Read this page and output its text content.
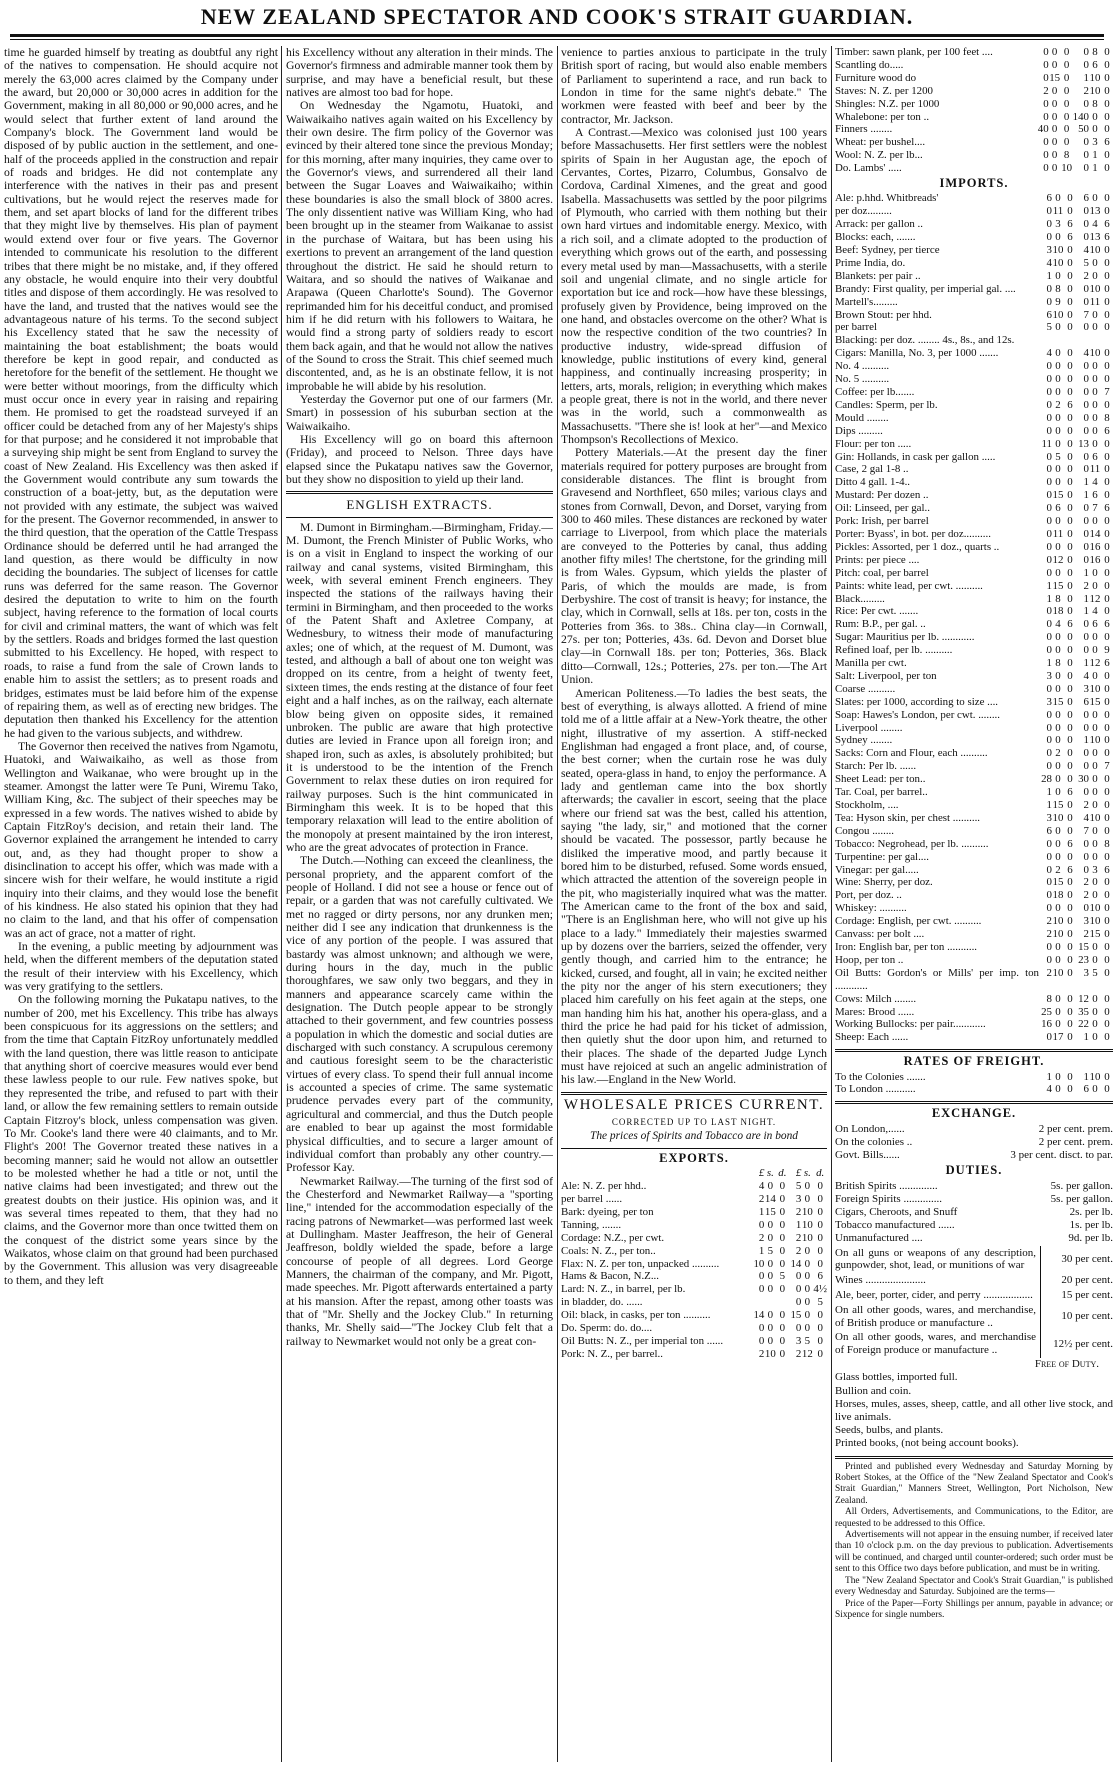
NEW ZEALAND SPECTATOR AND COOK'S STRAIT GUARDIAN.

time he guarded himself by treating as doubtful any right of the natives to compensation. He should acquire not merely the 63,000 acres claimed by the Company under the award, but 20,000 or 30,000 acres in addition for the Government, making in all 80,000 or 90,000 acres, and he would select that further extent of land around the Company's block. The Government land would be disposed of by public auction in the settlement, and one-half of the proceeds applied in the construction and repair of roads and bridges. He did not contemplate any interference with the natives in their pas and present cultivations, but he would reject the reserves made for them, and set apart blocks of land for the different tribes that they might live by themselves. His plan of payment would extend over four or five years. The Governor intended to communicate his resolution to the different tribes that there might be no mistake, and, if they offered any obstacle, he would enquire into their very doubtful titles and dispose of them accordingly. He was resolved to have the land, and trusted that the natives would see the advantageous nature of his terms. To the second subject his Excellency stated that he saw the necessity of maintaining the boat establishment; the boats would therefore be kept in good repair, and conducted as heretofore for the benefit of the settlement. He thought we were better without moorings, from the difficulty which must occur once in every year in raising and repairing them. He promised to get the roadstead surveyed if an officer could be detached from any of her Majesty's ships for that purpose; and he considered it not improbable that a surveying ship might be sent from England to survey the coast of New Zealand. His Excellency was then asked if the Government would contribute any sum towards the construction of a boat-jetty, but, as the deputation were not provided with any estimate, the subject was waived for the present. The Governor recommended, in answer to the third question, that the operation of the Cattle Trespass Ordinance should be deferred until he had arranged the land question, as there would be difficulty in now deciding the boundaries. The subject of licenses for cattle runs was deferred for the same reason. The Governor desired the deputation to write to him on the fourth subject, having reference to the formation of local courts for civil and criminal matters, the want of which was felt by the settlers. Roads and bridges formed the last question submitted to his Excellency. He hoped, with respect to roads, to raise a fund from the sale of Crown lands to enable him to assist the settlers; as to present roads and bridges, estimates must be laid before him of the expense of repairing them, as well as of erecting new bridges. The deputation then thanked his Excellency for the attention he had given to the various subjects, and withdrew.

The Governor then received the natives from Ngamotu, Huatoki, and Waiwaikaiho, as well as those from Wellington and Waikanae, who were brought up in the steamer. Amongst the latter were Te Puni, Wiremu Tako, William King, &c. The subject of their speeches may be expressed in a few words. The natives wished to abide by Captain FitzRoy's decision, and retain their land. The Governor explained the arrangement he intended to carry out, and, as they had thought proper to show a disinclination to accept his offer, which was made with a sincere wish for their welfare, he would institute a rigid inquiry into their claims, and they would lose the benefit of his kindness. He also stated his opinion that they had no claim to the land, and that his offer of compensation was an act of grace, not a matter of right.

In the evening, a public meeting by adjournment was held, when the different members of the deputation stated the result of their interview with his Excellency, which was very gratifying to the settlers.

On the following morning the Pukatapu natives, to the number of 200, met his Excellency. This tribe has always been conspicuous for its aggressions on the settlers; and from the time that Captain FitzRoy unfortunately meddled with the land question, there was little reason to anticipate that anything short of coercive measures would ever bend these lawless people to our rule. Few natives spoke, but they represented the tribe, and refused to part with their land, or allow the few remaining settlers to remain outside Captain Fitzroy's block, unless compensation was given. To Mr. Cooke's land there were 40 claimants, and to Mr. Flight's 200! The Governor treated these natives in a becoming manner; said he would not allow an outsettler to be molested whether he had a title or not, until the native claims had been investigated; and threw out the greatest doubts on their justice. His opinion was, and it was several times repeated to them, that they had no claims, and the Governor more than once twitted them on the conquest of the district some years since by the Waikatos, whose claim on that ground had been purchased by the Government. This allusion was very disagreeable to them, and they left

his Excellency without any alteration in their minds. The Governor's firmness and admirable manner took them by surprise, and may have a beneficial result, but these natives are almost too bad for hope.

On Wednesday the Ngamotu, Huatoki, and Waiwaikaiho natives again waited on his Excellency by their own desire. The firm policy of the Governor was evinced by their altered tone since the previous Monday; for this morning, after many inquiries, they came over to the Governor's views, and surrendered all their land between the Sugar Loaves and Waiwaikaiho; within these boundaries is also the small block of 3800 acres. The only dissentient native was William King, who had been brought up in the steamer from Waikanae to assist in the purchase of Waitara, but has been using his exertions to prevent an arrangement of the land question throughout the district. He said he should return to Waitara, and so should the natives of Waikanae and Arapawa (Queen Charlotte's Sound). The Governor reprimanded him for his deceitful conduct, and promised him if he did return with his followers to Waitara, he would find a strong party of soldiers ready to escort them back again, and that he would not allow the natives of the Sound to cross the Strait. This chief seemed much discontented, and, as he is an obstinate fellow, it is not improbable he will abide by his resolution.

Yesterday the Governor put one of our farmers (Mr. Smart) in possession of his suburban section at the Waiwaikaiho.

His Excellency will go on board this afternoon (Friday), and proceed to Nelson. Three days have elapsed since the Pukatapu natives saw the Governor, but they show no disposition to yield up their land.

ENGLISH EXTRACTS.

M. Dumont in Birmingham.—Birmingham, Friday.—M. Dumont, the French Minister of Public Works, who is on a visit in England to inspect the working of our railway and canal systems, visited Birmingham, this week, with several eminent French engineers. They inspected the stations of the railways having their termini in Birmingham, and then proceeded to the works of the Patent Shaft and Axletree Company, at Wednesbury, to witness their mode of manufacturing axles; one of which, at the request of M. Dumont, was tested, and although a ball of about one ton weight was dropped on its centre, from a height of twenty feet, sixteen times, the ends resting at the distance of four feet eight and a half inches, as on the railway, each alternate blow being given on opposite sides, it remained unbroken. The public are aware that high protective duties are levied in France upon all foreign iron; and shaped iron, such as axles, is absolutely prohibited; but it is understood to be the intention of the French Government to relax these duties on iron required for railway purposes. Such is the hint communicated in Birmingham this week. It is to be hoped that this temporary relaxation will lead to the entire abolition of the monopoly at present maintained by the iron interest, who are the great advocates of protection in France.

The Dutch.—Nothing can exceed the cleanliness, the personal propriety, and the apparent comfort of the people of Holland. I did not see a house or fence out of repair, or a garden that was not carefully cultivated. We met no ragged or dirty persons, nor any drunken men; neither did I see any indication that drunkenness is the vice of any portion of the people. I was assured that bastardy was almost unknown; and although we were, during hours in the day, much in the public thoroughfares, we saw only two beggars, and they in manners and appearance scarcely came within the designation. The Dutch people appear to be strongly attached to their government, and few countries possess a population in which the domestic and social duties are discharged with such constancy. A scrupulous ceremony and cautious foresight seem to be the characteristic virtues of every class. To spend their full annual income is accounted a species of crime. The same systematic prudence pervades every part of the community, agricultural and commercial, and thus the Dutch people are enabled to bear up against the most formidable physical difficulties, and to secure a larger amount of individual comfort than probably any other country.—Professor Kay.

Newmarket Railway.—The turning of the first sod of the Chesterford and Newmarket Railway—a "sporting line," intended for the accommodation especially of the racing patrons of Newmarket—was performed last week at Dullingham. Master Jeaffreson, the heir of General Jeaffreson, boldly wielded the spade, before a large concourse of people of all degrees. Lord George Manners, the chairman of the company, and Mr. Pigott, made speeches. Mr. Pigott afterwards entertained a party at his mansion. After the repast, among other toasts was that of "Mr. Shelly and the Jockey Club." In returning thanks, Mr. Shelly said—"The Jockey Club felt that a railway to Newmarket would not only be a great con-

venience to parties anxious to participate in the truly British sport of racing, but would also enable members of Parliament to superintend a race, and run back to London in time for the same night's debate." The workmen were feasted with beef and beer by the contractor, Mr. Jackson.

A Contrast.—Mexico was colonised just 100 years before Massachusetts. Her first settlers were the noblest spirits of Spain in her Augustan age, the epoch of Cervantes, Cortes, Pizarro, Columbus, Gonsalvo de Cordova, Cardinal Ximenes, and the great and good Isabella. Massachusetts was settled by the poor pilgrims of Plymouth, who carried with them nothing but their own hard virtues and indomitable energy. Mexico, with a rich soil, and a climate adopted to the production of everything which grows out of the earth, and possessing every metal used by man—Massachusetts, with a sterile soil and ungenial climate, and no single article for exportation but ice and rock—how have these blessings, profusely given by Providence, being improved on the one hand, and obstacles overcome on the other? What is now the respective condition of the two countries? In productive industry, wide-spread diffusion of knowledge, public institutions of every kind, general happiness, and continually increasing prosperity; in letters, arts, morals, religion; in everything which makes a people great, there is not in the world, and there never was in the world, such a commonwealth as Massachusetts. "There she is! look at her"—and Mexico Thompson's Recollections of Mexico.

Pottery Materials.—At the present day the finer materials required for pottery purposes are brought from considerable distances. The flint is brought from Gravesend and Northfleet, 650 miles; various clays and stones from Cornwall, Devon, and Dorset, varying from 300 to 460 miles. These distances are reckoned by water carriage to Liverpool, from which place the materials are conveyed to the Potteries by canal, thus adding another fifty miles! The chertstone, for the grinding mill is from Wales. Gypsum, which yields the plaster of Paris, of which the moulds are made, is from Derbyshire. The cost of transit is heavy; for instance, the clay, which in Cornwall, sells at 18s. per ton, costs in the Potteries from 36s. to 38s.. China clay—in Cornwall, 27s. per ton; Potteries, 43s. 6d. Devon and Dorset blue clay—in Cornwall 18s. per ton; Potteries, 36s. Black ditto—Cornwall, 12s.; Potteries, 27s. per ton.—The Art Union.

American Politeness.—To ladies the best seats, the best of everything, is always allotted. A friend of mine told me of a little affair at a New-York theatre, the other night, illustrative of my assertion. A stiff-necked Englishman had engaged a front place, and, of course, the best corner; when the curtain rose he was duly seated, opera-glass in hand, to enjoy the performance. A lady and gentleman came into the box shortly afterwards; the cavalier in escort, seeing that the place where our friend sat was the best, called his attention, saying "the lady, sir," and motioned that the corner should be vacated. The possessor, partly because he disliked the imperative mood, and partly because it bored him to be disturbed, refused. Some words ensued, which attracted the attention of the sovereign people in the pit, who magisterially inquired what was the matter. The American came to the front of the box and said, "There is an Englishman here, who will not give up his place to a lady." Immediately their majesties swarmed up by dozens over the barriers, seized the offender, very gently though, and carried him to the entrance; he kicked, cursed, and fought, all in vain; he excited neither the pity nor the anger of his stern executioners; they placed him carefully on his feet again at the steps, one man handing him his hat, another his opera-glass, and a third the price he had paid for his ticket of admission, then quietly shut the door upon him, and returned to their places. The shade of the departed Judge Lynch must have rejoiced at such an angelic administration of his law.—England in the New World.

WHOLESALE PRICES CURRENT.
CORRECTED UP TO LAST NIGHT.
The prices of Spirits and Tobacco are in bond
EXPORTS.
	£	s.	d.	£	s.	d.
Ale: N. Z. per hhd..	4	0	0	5	0	0
per barrel ......	2	14	0	3	0	0
Bark: dyeing, per ton	1	15	0	2	10	0
Tanning, .......	0	0	0	1	10	0
Cordage: N.Z., per cwt.	2	0	0	2	10	0
Coals: N. Z., per ton..	1	5	0	2	0	0
Flax: N. Z. per ton, unpacked ..........	10	0	0	14	0	0
Hams & Bacon, N.Z...	0	0	5	0	0	6
Lard: N. Z., in barrel, per lb.	0	0	0	0	0	4½
in bladder, do. ......				0	0	5
Oil: black, in casks, per ton ..........	14	0	0	15	0	0
Do. Sperm: do. do....	0	0	0	0	0	0
Oil Butts: N. Z., per imperial ton ......	0	0	0	3	5	0
Pork: N. Z., per barrel..	2	10	0	2	12	0
Timber: sawn plank, per 100 feet ....	0	0	0	0	8	0
Scantling do.....	0	0	0	0	6	0
Furniture wood do	0	15	0	1	10	0
Staves: N. Z. per 1200	2	0	0	2	10	0
Shingles: N.Z. per 1000	0	0	0	0	8	0
Whalebone: per ton ..	0	0	0	140	0	0
Finners ........	40	0	0	50	0	0
Wheat: per bushel....	0	0	0	0	3	6
Wool: N. Z. per lb...	0	0	8	0	1	0
Do. Lambs' .....	0	0	10	0	1	0
IMPORTS.
Ale: p.hhd. Whitbreads'	6	0	0	6	0	0
per doz.........	0	11	0	0	13	0
Arrack: per gallon ..	0	3	6	0	4	6
Blocks: each, .......	0	0	6	0	13	6
Beef: Sydney, per tierce	3	10	0	4	10	0
Prime India, do.	4	10	0	5	0	0
Blankets: per pair ..	1	0	0	2	0	0
Brandy: First quality, per imperial gal. ....	0	8	0	0	10	0
Martell's.........	0	9	0	0	11	0
Brown Stout: per hhd.	6	10	0	7	0	0
per barrel	5	0	0	0	0	0
Blacking: per doz. ........ 4s., 8s., and 12s.						
Cigars: Manilla, No. 3, per 1000 .......	4	0	0	4	10	0
No. 4 ..........	0	0	0	0	0	0
No. 5 ..........	0	0	0	0	0	0
Coffee: per lb.......	0	0	0	0	0	7
Candles: Sperm, per lb.	0	2	6	0	0	0
Mould ........	0	0	0	0	0	8
Dips .........	0	0	0	0	0	6
Flour: per ton .....	11	0	0	13	0	0
Gin: Hollands, in cask per gallon .....	0	5	0	0	6	0
Case, 2 gal 1-8 ..	0	0	0	0	11	0
Ditto 4 gall. 1-4..	0	0	0	1	4	0
Mustard: Per dozen ..	0	15	0	1	6	0
Oil: Linseed, per gal..	0	6	0	0	7	6
Pork: Irish, per barrel	0	0	0	0	0	0
Porter: Byass', in bot. per doz..........	0	11	0	0	14	0
Pickles: Assorted, per 1 doz., quarts ..	0	0	0	0	16	0
Prints: per piece ....	0	12	0	0	16	0
Pitch: coal, per barrel	0	0	0	1	0	0
Paints: white lead, per cwt. ..........	1	15	0	2	0	0
Black.........	1	8	0	1	12	0
Rice: Per cwt. .......	0	18	0	1	4	0
Rum: B.P., per gal. ..	0	4	6	0	6	6
Sugar: Mauritius per lb. ............	0	0	0	0	0	0
Refined loaf, per lb. ..........	0	0	0	0	0	9
Manilla per cwt.	1	8	0	1	12	6
Salt: Liverpool, per ton	3	0	0	4	0	0
Coarse ..........	0	0	0	3	10	0
Slates: per 1000, according to size ....	3	15	0	6	15	0
Soap: Hawes's London, per cwt. ........	0	0	0	0	0	0
Liverpool ........	0	0	0	0	0	0
Sydney ........	0	0	0	1	10	0
Sacks: Corn and Flour, each ..........	0	2	0	0	0	0
Starch: Per lb. ......	0	0	0	0	0	7
Sheet Lead: per ton..	28	0	0	30	0	0
Tar. Coal, per barrel..	1	0	6	0	0	0
Stockholm, ....	1	15	0	2	0	0
Tea: Hyson skin, per chest ..........	3	10	0	4	10	0
Congou ........	6	0	0	7	0	0
Tobacco: Negrohead, per lb. ..........	0	0	6	0	0	8
Turpentine: per gal....	0	0	0	0	0	0
Vinegar: per gal.....	0	2	6	0	3	6
Wine: Sherry, per doz.	0	15	0	2	0	0
Port, per doz. ..	0	18	0	2	0	0
Whiskey: ..........	0	0	0	0	10	0
Cordage: English, per cwt. ..........	2	10	0	3	10	0
Canvass: per bolt ....	2	10	0	2	15	0
Iron: English bar, per ton ...........	0	0	0	15	0	0
Hoop, per ton ..	0	0	0	23	0	0
Oil Butts: Gordon's or Mills' per imp. ton ............	2	10	0	3	5	0
Cows: Milch ........	8	0	0	12	0	0
Mares: Brood ......	25	0	0	35	0	0
Working Bullocks: per pair............	16	0	0	22	0	0
Sheep: Each ......	0	17	0	1	0	0
RATES OF FREIGHT.
To the Colonies .......	1	0	0	1	10	0
To London ...........	4	0	0	6	0	0
EXCHANGE.
On London,......	2 per cent. prem.
On the colonies ..	2 per cent. prem.
Govt. Bills......	3 per cent. disct. to par.
DUTIES.
British Spirits ..............	5s. per gallon.
Foreign Spirits ..............	5s. per gallon.
Cigars, Cheroots, and Snuff	2s. per lb.
Tobacco manufactured ......	1s. per lb.
Unmanufactured ....	9d. per lb.
On all guns or weapons of any description, gunpowder, shot, lead, or munitions of war	30 per cent.
Wines ......................	20 per cent.
Ale, beer, porter, cider, and perry ..................	15 per cent.
On all other goods, wares, and merchandise, of British produce or manufacture ..	10 per cent.
On all other goods, wares, and merchandise of Foreign produce or manufacture ..	12½ per cent.
Free of Duty.
Glass bottles, imported full.
Bullion and coin.
Horses, mules, asses, sheep, cattle, and all other live stock, and live animals.
Seeds, bulbs, and plants.
Printed books, (not being account books).

Printed and published every Wednesday and Saturday Morning by Robert Stokes, at the Office of the "New Zealand Spectator and Cook's Strait Guardian," Manners Street, Wellington, Port Nicholson, New Zealand.

All Orders, Advertisements, and Communications, to the Editor, are requested to be addressed to this Office.

Advertisements will not appear in the ensuing number, if received later than 10 o'clock p.m. on the day previous to publication. Advertisements will be continued, and charged until counter-ordered; such order must be sent to this Office two days before publication, and must be in writing.

The "New Zealand Spectator and Cook's Strait Guardian," is published every Wednesday and Saturday. Subjoined are the terms—

Price of the Paper—Forty Shillings per annum, payable in advance; or Sixpence for single numbers.
